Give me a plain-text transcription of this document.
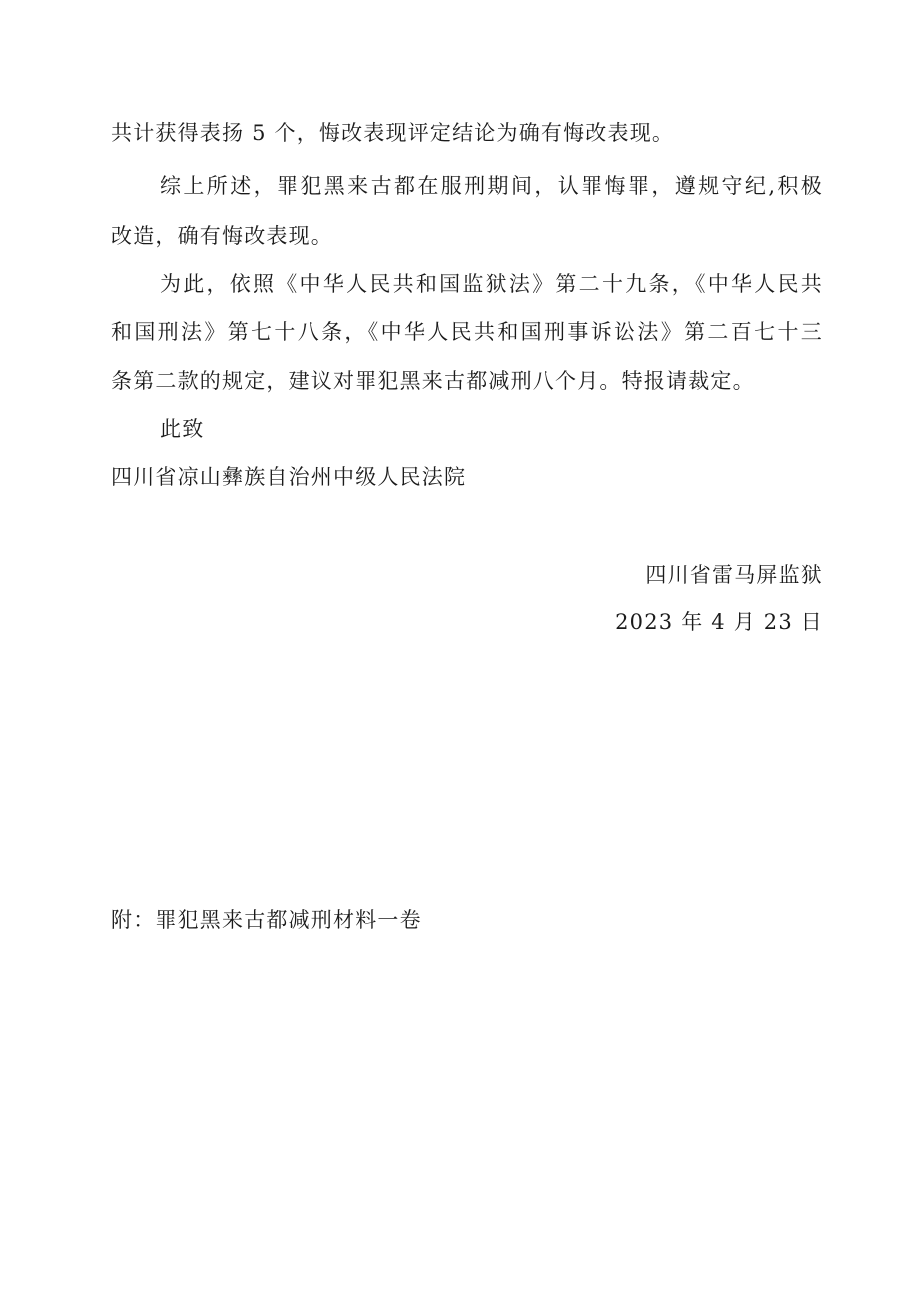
共计获得表扬 5 个，悔改表现评定结论为确有悔改表现。
综上所述，罪犯黑来古都在服刑期间，认罪悔罪，遵规守纪,积极
改造，确有悔改表现。
为此，依照《中华人民共和国监狱法》第二十九条，《中华人民共
和国刑法》第七十八条，《中华人民共和国刑事诉讼法》第二百七十三
条第二款的规定，建议对罪犯黑来古都减刑八个月。特报请裁定。
此致
四川省凉山彝族自治州中级人民法院
四川省雷马屏监狱
2023 年 4 月 23 日
附：罪犯黑来古都减刑材料一卷
